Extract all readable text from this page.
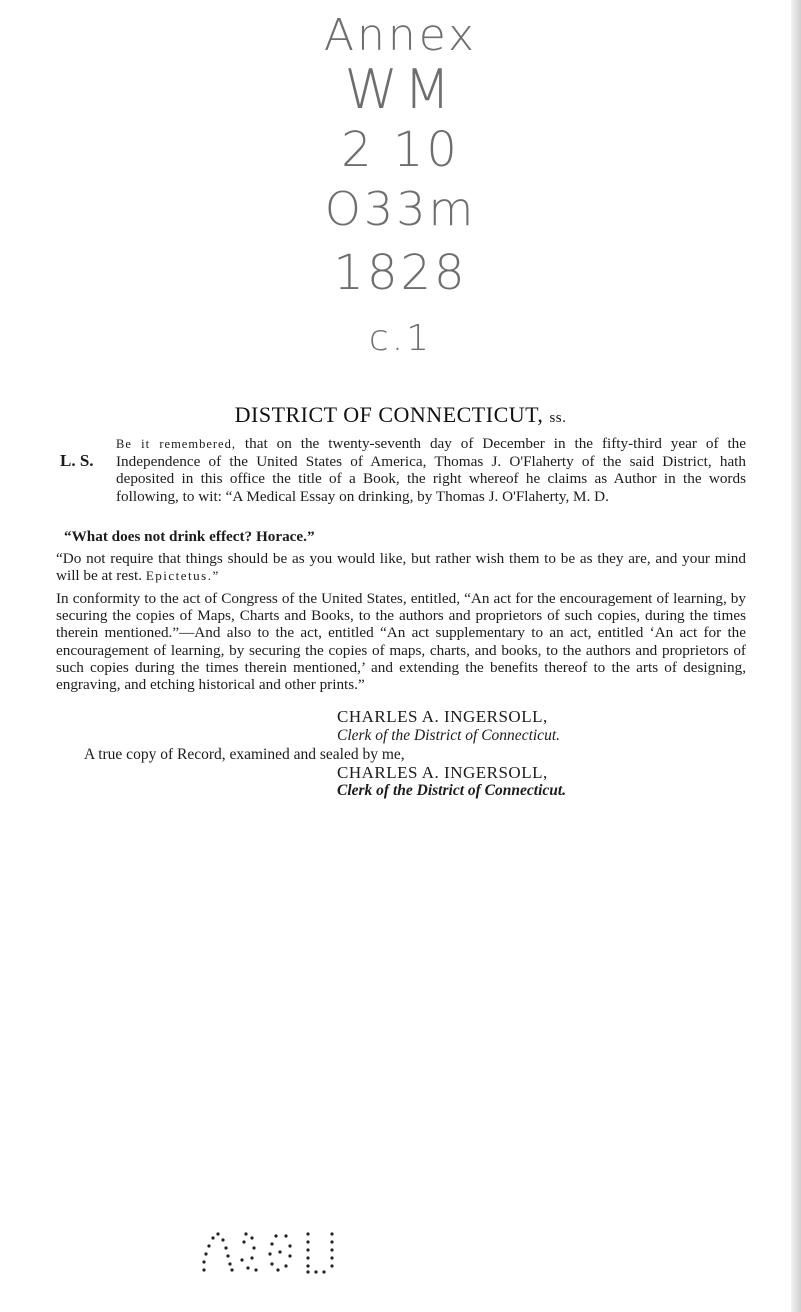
Annex
WM
2 10
O33m
1828
c.1
DISTRICT OF CONNECTICUT, ss.
L. S.
Be it remembered, that on the twenty-seventh day of December in the fifty-third year of the Independence of the United States of America, Thomas J. O'Flaherty of the said District, hath deposited in this office the title of a Book, the right whereof he claims as Author in the words following, to wit: “A Medical Essay on drinking, by Thomas J. O'Flaherty, M. D.
“What does not drink effect? Horace.”
“Do not require that things should be as you would like, but rather wish them to be as they are, and your mind will be at rest. Epictetus.”
In conformity to the act of Congress of the United States, entitled, “An act for the encouragement of learning, by securing the copies of Maps, Charts and Books, to the authors and proprietors of such copies, during the times therein mentioned.”—And also to the act, entitled “An act supplementary to an act, entitled ‘An act for the encouragement of learning, by securing the copies of maps, charts, and books, to the authors and proprietors of such copies during the times therein mentioned,’ and extending the benefits thereof to the arts of designing, engraving, and etching historical and other prints.”
CHARLES A. INGERSOLL,
Clerk of the District of Connecticut.
A true copy of Record, examined and sealed by me,
CHARLES A. INGERSOLL,
Clerk of the District of Connecticut.
